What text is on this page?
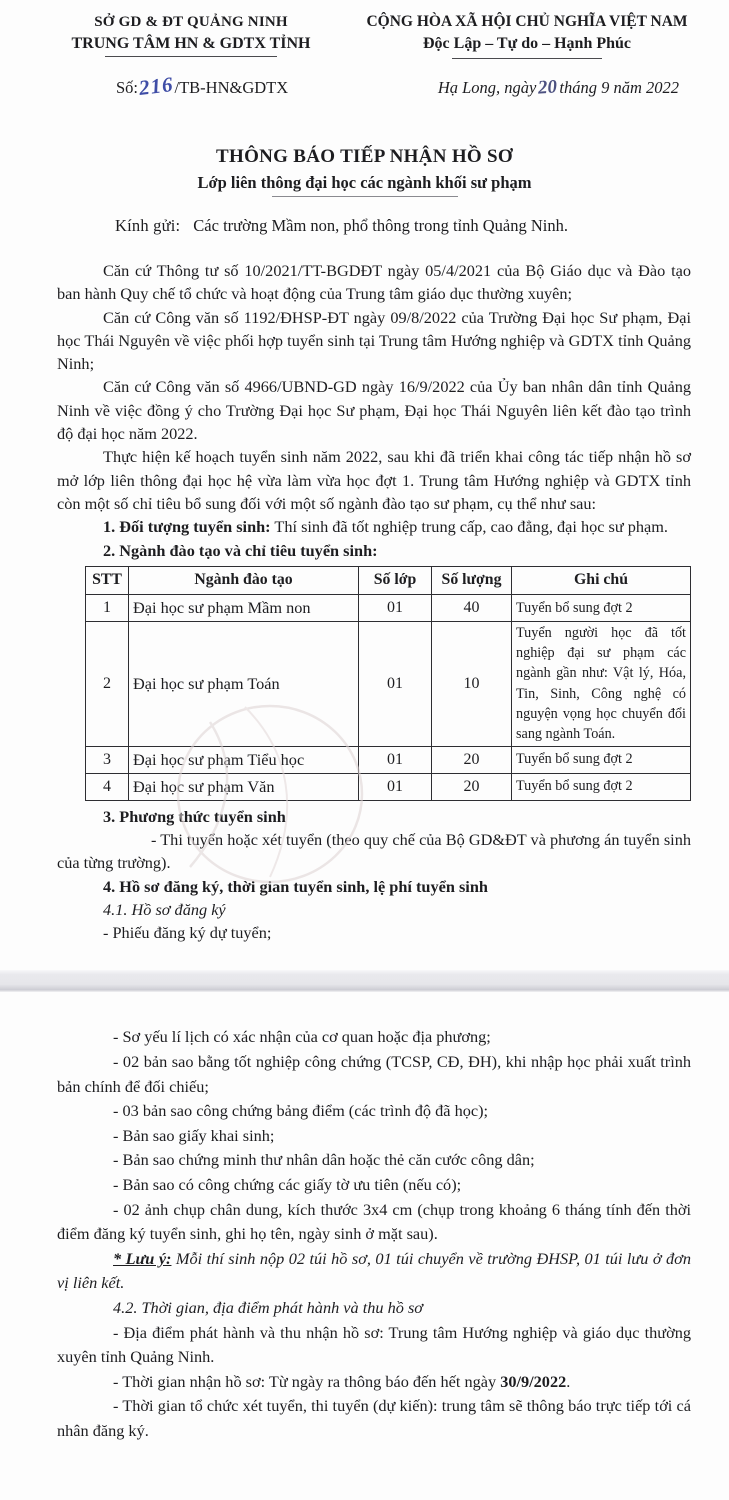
SỞ GD & ĐT QUẢNG NINH
TRUNG TÂM HN & GDTX TỈNH
CỘNG HÒA XÃ HỘI CHỦ NGHĨA VIỆT NAM
Độc Lập – Tự do – Hạnh Phúc
Số:216/TB-HN&GDTX	Hạ Long, ngày20tháng 9 năm 2022
THÔNG BÁO TIẾP NHẬN HỒ SƠ
Lớp liên thông đại học các ngành khối sư phạm
Kính gửi: Các trường Mầm non, phổ thông trong tỉnh Quảng Ninh.

Căn cứ Thông tư số 10/2021/TT-BGDĐT ngày 05/4/2021 của Bộ Giáo dục và Đào tạo ban hành Quy chế tổ chức và hoạt động của Trung tâm giáo dục thường xuyên;

Căn cứ Công văn số 1192/ĐHSP-ĐT ngày 09/8/2022 của Trường Đại học Sư phạm, Đại học Thái Nguyên về việc phối hợp tuyển sinh tại Trung tâm Hướng nghiệp và GDTX tỉnh Quảng Ninh;

Căn cứ Công văn số 4966/UBND-GD ngày 16/9/2022 của Ủy ban nhân dân tỉnh Quảng Ninh về việc đồng ý cho Trường Đại học Sư phạm, Đại học Thái Nguyên liên kết đào tạo trình độ đại học năm 2022.

Thực hiện kế hoạch tuyển sinh năm 2022, sau khi đã triển khai công tác tiếp nhận hồ sơ mở lớp liên thông đại học hệ vừa làm vừa học đợt 1. Trung tâm Hướng nghiệp và GDTX tỉnh còn một số chỉ tiêu bổ sung đối với một số ngành đào tạo sư phạm, cụ thể như sau:

1. Đối tượng tuyển sinh: Thí sinh đã tốt nghiệp trung cấp, cao đẳng, đại học sư phạm.

2. Ngành đào tạo và chỉ tiêu tuyển sinh:

STT	Ngành đào tạo	Số lớp	Số lượng	Ghi chú
1	Đại học sư phạm Mầm non	01	40	Tuyển bổ sung đợt 2
2	Đại học sư phạm Toán	01	10	Tuyển người học đã tốt nghiệp đại sư phạm các ngành gần như: Vật lý, Hóa, Tin, Sinh, Công nghệ có nguyện vọng học chuyển đổi sang ngành Toán.
3	Đại học sư phạm Tiểu học	01	20	Tuyển bổ sung đợt 2
4	Đại học sư phạm Văn	01	20	Tuyển bổ sung đợt 2

3. Phương thức tuyển sinh

- Thi tuyển hoặc xét tuyển (theo quy chế của Bộ GD&ĐT và phương án tuyển sinh của từng trường).

4. Hồ sơ đăng ký, thời gian tuyển sinh, lệ phí tuyển sinh

4.1. Hồ sơ đăng ký

- Phiếu đăng ký dự tuyển;

- Sơ yếu lí lịch có xác nhận của cơ quan hoặc địa phương;

- 02 bản sao bằng tốt nghiệp công chứng (TCSP, CĐ, ĐH), khi nhập học phải xuất trình bản chính để đối chiếu;

- 03 bản sao công chứng bảng điểm (các trình độ đã học);

- Bản sao giấy khai sinh;

- Bản sao chứng minh thư nhân dân hoặc thẻ căn cước công dân;

- Bản sao có công chứng các giấy tờ ưu tiên (nếu có);

- 02 ảnh chụp chân dung, kích thước 3x4 cm (chụp trong khoảng 6 tháng tính đến thời điểm đăng ký tuyển sinh, ghi họ tên, ngày sinh ở mặt sau).

* Lưu ý: Mỗi thí sinh nộp 02 túi hồ sơ, 01 túi chuyển về trường ĐHSP, 01 túi lưu ở đơn vị liên kết.

4.2. Thời gian, địa điểm phát hành và thu hồ sơ

- Địa điểm phát hành và thu nhận hồ sơ: Trung tâm Hướng nghiệp và giáo dục thường xuyên tỉnh Quảng Ninh.

- Thời gian nhận hồ sơ: Từ ngày ra thông báo đến hết ngày 30/9/2022.

- Thời gian tổ chức xét tuyển, thi tuyển (dự kiến): trung tâm sẽ thông báo trực tiếp tới cá nhân đăng ký.
